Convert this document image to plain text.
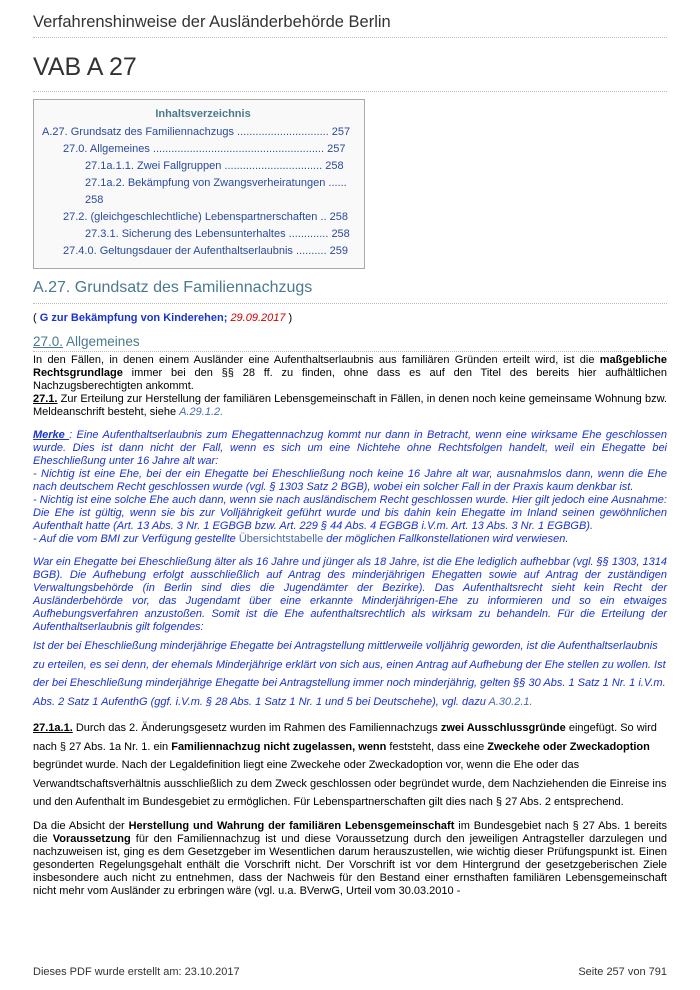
Verfahrenshinweise der Ausländerbehörde Berlin
VAB A 27
Inhaltsverzeichnis
A.27. Grundsatz des Familiennachzugs .............................. 257
27.0. Allgemeines ........................................................ 257
27.1a.1.1. Zwei Fallgruppen ................................ 258
27.1a.2. Bekämpfung von Zwangsverheiratungen ...... 258
27.2. (gleichgeschlechtliche) Lebenspartnerschaften .. 258
27.3.1. Sicherung des Lebensunterhaltes ............. 258
27.4.0. Geltungsdauer der Aufenthaltserlaubnis .......... 259
A.27. Grundsatz des Familiennachzugs
( G zur Bekämpfung von Kinderehen; 29.09.2017 )
27.0. Allgemeines

In den Fällen, in denen einem Ausländer eine Aufenthaltserlaubnis aus familiären Gründen erteilt wird, ist die maßgebliche Rechtsgrundlage immer bei den §§ 28 ff. zu finden, ohne dass es auf den Titel des bereits hier aufhältlichen Nachzugsberechtigten ankommt.

27.1. Zur Erteilung zur Herstellung der familiären Lebensgemeinschaft in Fällen, in denen noch keine gemeinsame Wohnung bzw. Meldeanschrift besteht, siehe A.29.1.2.

Merke : Eine Aufenthaltserlaubnis zum Ehegattennachzug kommt nur dann in Betracht, wenn eine wirksame Ehe geschlossen wurde. Dies ist dann nicht der Fall, wenn es sich um eine Nichtehe ohne Rechtsfolgen handelt, weil ein Ehegatte bei Eheschließung unter 16 Jahre alt war:

- Nichtig ist eine Ehe, bei der ein Ehegatte bei Eheschließung noch keine 16 Jahre alt war, ausnahmslos dann, wenn die Ehe nach deutschem Recht geschlossen wurde (vgl. § 1303 Satz 2 BGB), wobei ein solcher Fall in der Praxis kaum denkbar ist.

- Nichtig ist eine solche Ehe auch dann, wenn sie nach ausländischem Recht geschlossen wurde. Hier gilt jedoch eine Ausnahme: Die Ehe ist gültig, wenn sie bis zur Volljährigkeit geführt wurde und bis dahin kein Ehegatte im Inland seinen gewöhnlichen Aufenthalt hatte (Art. 13 Abs. 3 Nr. 1 EGBGB bzw. Art. 229 § 44 Abs. 4 EGBGB i.V.m. Art. 13 Abs. 3 Nr. 1 EGBGB).

- Auf die vom BMI zur Verfügung gestellte Übersichtstabelle der möglichen Fallkonstellationen wird verwiesen.

War ein Ehegatte bei Eheschließung älter als 16 Jahre und jünger als 18 Jahre, ist die Ehe lediglich aufhebbar (vgl. §§ 1303, 1314 BGB). Die Aufhebung erfolgt ausschließlich auf Antrag des minderjährigen Ehegatten sowie auf Antrag der zuständigen Verwaltungsbehörde (in Berlin sind dies die Jugendämter der Bezirke). Das Aufenthaltsrecht sieht kein Recht der Ausländerbehörde vor, das Jugendamt über eine erkannte Minderjährigen-Ehe zu informieren und so ein etwaiges Aufhebungsverfahren anzustoßen. Somit ist die Ehe aufenthaltsrechtlich als wirksam zu behandeln. Für die Erteilung der Aufenthaltserlaubnis gilt folgendes:

Ist der bei Eheschließung minderjährige Ehegatte bei Antragstellung mittlerweile volljährig geworden, ist die Aufenthaltserlaubnis zu erteilen, es sei denn, der ehemals Minderjährige erklärt von sich aus, einen Antrag auf Aufhebung der Ehe stellen zu wollen. Ist der bei Eheschließung minderjährige Ehegatte bei Antragstellung immer noch minderjährig, gelten §§ 30 Abs. 1 Satz 1 Nr. 1 i.V.m. Abs. 2 Satz 1 AufenthG (ggf. i.V.m. § 28 Abs. 1 Satz 1 Nr. 1 und 5 bei Deutschehe), vgl. dazu A.30.2.1.

27.1a.1. Durch das 2. Änderungsgesetz wurden im Rahmen des Familiennachzugs zwei Ausschlussgründe eingefügt. So wird nach § 27 Abs. 1a Nr. 1. ein Familiennachzug nicht zugelassen, wenn feststeht, dass eine Zweckehe oder Zweckadoption begründet wurde. Nach der Legaldefinition liegt eine Zweckehe oder Zweckadoption vor, wenn die Ehe oder das Verwandtschaftsverhältnis ausschließlich zu dem Zweck geschlossen oder begründet wurde, dem Nachziehenden die Einreise ins und den Aufenthalt im Bundesgebiet zu ermöglichen. Für Lebenspartnerschaften gilt dies nach § 27 Abs. 2 entsprechend.

Da die Absicht der Herstellung und Wahrung der familiären Lebensgemeinschaft im Bundesgebiet nach § 27 Abs. 1 bereits die Voraussetzung für den Familiennachzug ist und diese Voraussetzung durch den jeweiligen Antragsteller darzulegen und nachzuweisen ist, ging es dem Gesetzgeber im Wesentlichen darum herauszustellen, wie wichtig dieser Prüfungspunkt ist. Einen gesonderten Regelungsgehalt enthält die Vorschrift nicht. Der Vorschrift ist vor dem Hintergrund der gesetzgeberischen Ziele insbesondere auch nicht zu entnehmen, dass der Nachweis für den Bestand einer ernsthaften familiären Lebensgemeinschaft nicht mehr vom Ausländer zu erbringen wäre (vgl. u.a. BVerwG, Urteil vom 30.03.2010 -

Dieses PDF wurde erstellt am: 23.10.2017	Seite 257 von 791
